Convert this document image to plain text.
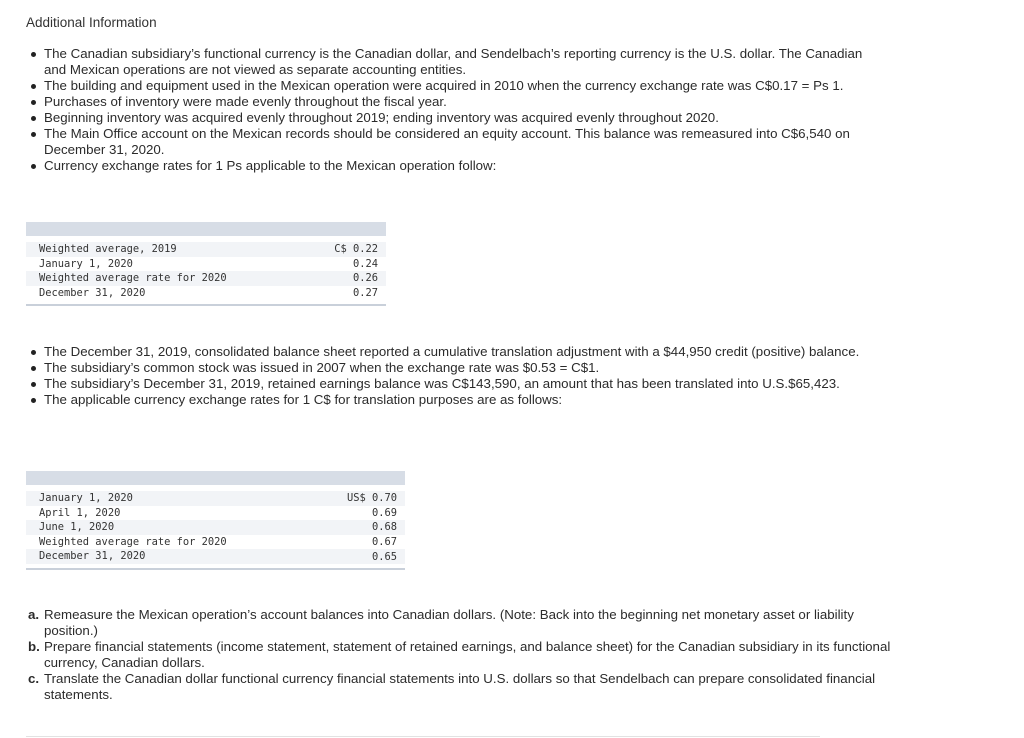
Additional Information
The Canadian subsidiary’s functional currency is the Canadian dollar, and Sendelbach’s reporting currency is the U.S. dollar. The Canadian and Mexican operations are not viewed as separate accounting entities.
The building and equipment used in the Mexican operation were acquired in 2010 when the currency exchange rate was C$0.17 = Ps 1.
Purchases of inventory were made evenly throughout the fiscal year.
Beginning inventory was acquired evenly throughout 2019; ending inventory was acquired evenly throughout 2020.
The Main Office account on the Mexican records should be considered an equity account. This balance was remeasured into C$6,540 on December 31, 2020.
Currency exchange rates for 1 Ps applicable to the Mexican operation follow:

Weighted average, 2019	C$ 0.22
January 1, 2020	0.24
Weighted average rate for 2020	0.26
December 31, 2020	0.27

The December 31, 2019, consolidated balance sheet reported a cumulative translation adjustment with a $44,950 credit (positive) balance.
The subsidiary’s common stock was issued in 2007 when the exchange rate was $0.53 = C$1.
The subsidiary’s December 31, 2019, retained earnings balance was C$143,590, an amount that has been translated into U.S.$65,423.
The applicable currency exchange rates for 1 C$ for translation purposes are as follows:

January 1, 2020	US$ 0.70
April 1, 2020	0.69
June 1, 2020	0.68
Weighted average rate for 2020	0.67
December 31, 2020	0.65

a. Remeasure the Mexican operation’s account balances into Canadian dollars. (Note: Back into the beginning net monetary asset or liability position.)
b. Prepare financial statements (income statement, statement of retained earnings, and balance sheet) for the Canadian subsidiary in its functional currency, Canadian dollars.
c. Translate the Canadian dollar functional currency financial statements into U.S. dollars so that Sendelbach can prepare consolidated financial statements.
